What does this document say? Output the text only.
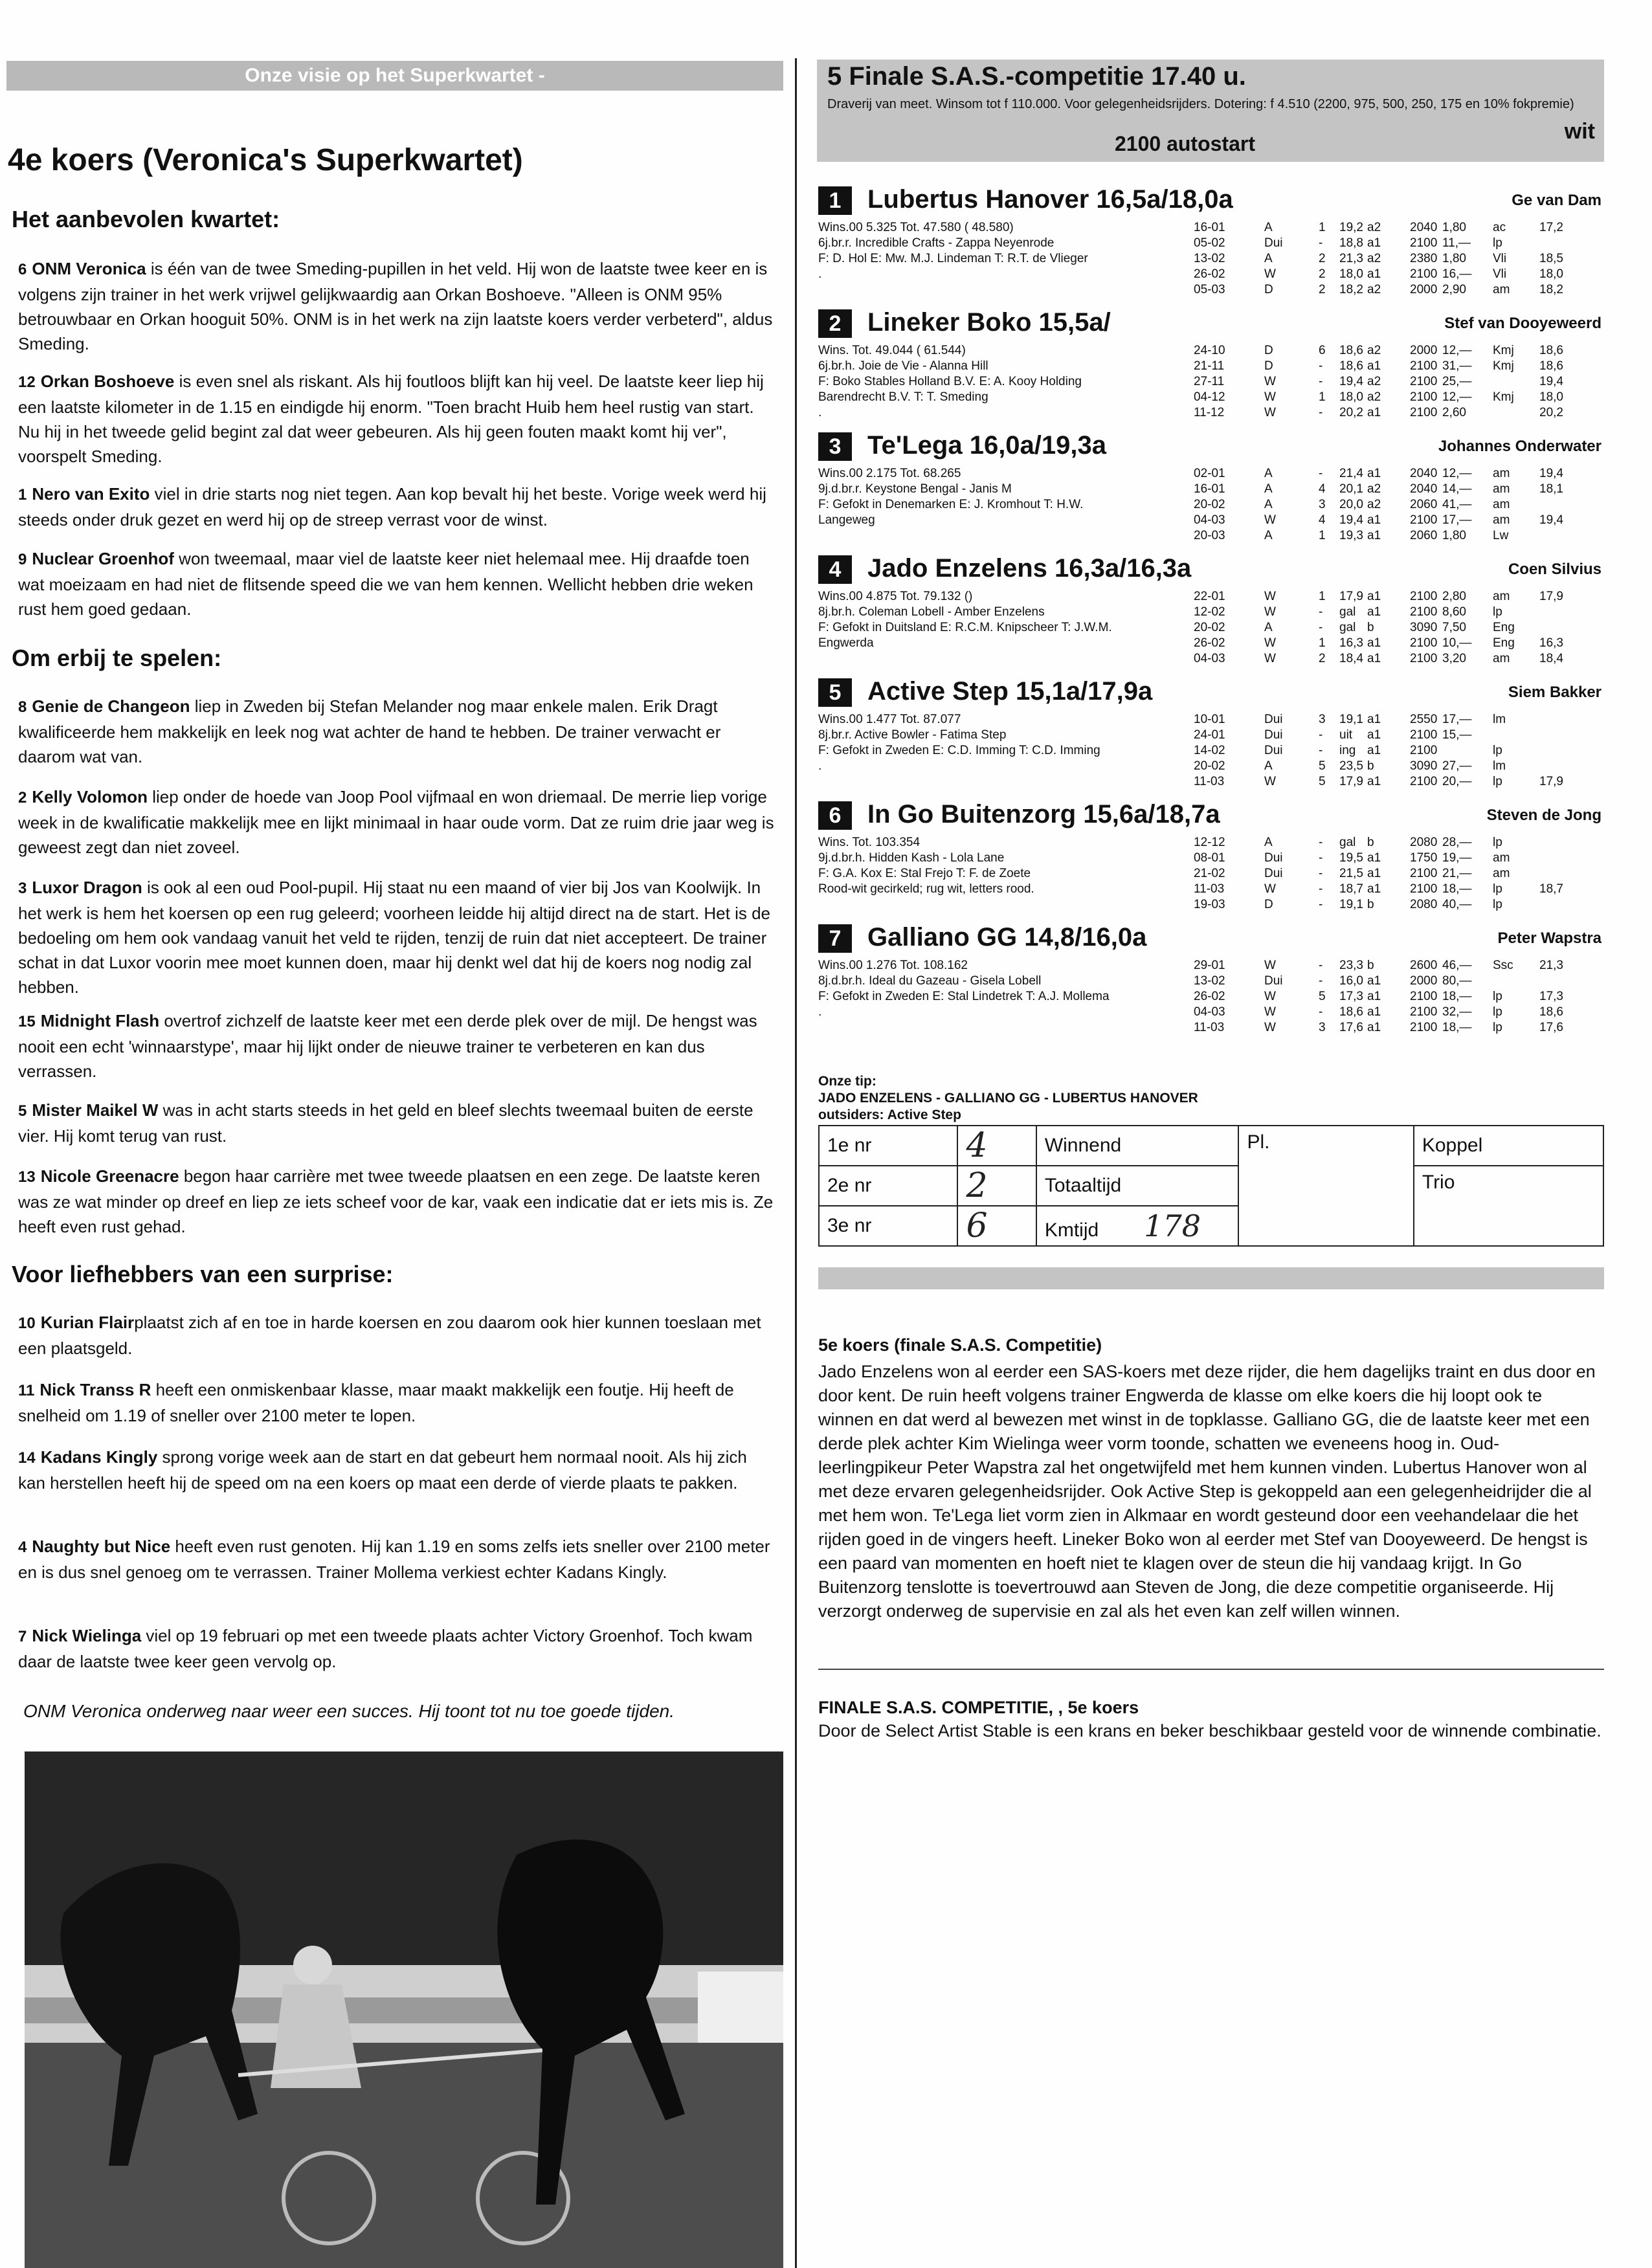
Onze visie op het Superkwartet -
4e koers (Veronica's Superkwartet)
Het aanbevolen kwartet:
6 ONM Veronica is één van de twee Smeding-pupillen in het veld. Hij won de laatste twee keer en is volgens zijn trainer in het werk vrijwel gelijkwaardig aan Orkan Boshoeve. "Alleen is ONM 95% betrouwbaar en Orkan hooguit 50%. ONM is in het werk na zijn laatste koers verder verbeterd", aldus Smeding.
12 Orkan Boshoeve is even snel als riskant. Als hij foutloos blijft kan hij veel. De laatste keer liep hij een laatste kilometer in de 1.15 en eindigde hij enorm. "Toen bracht Huib hem heel rustig van start. Nu hij in het tweede gelid begint zal dat weer gebeuren. Als hij geen fouten maakt komt hij ver", voorspelt Smeding.
1 Nero van Exito viel in drie starts nog niet tegen. Aan kop bevalt hij het beste. Vorige week werd hij steeds onder druk gezet en werd hij op de streep verrast voor de winst.
9 Nuclear Groenhof won tweemaal, maar viel de laatste keer niet helemaal mee. Hij draafde toen wat moeizaam en had niet de flitsende speed die we van hem kennen. Wellicht hebben drie weken rust hem goed gedaan.
Om erbij te spelen:
8 Genie de Changeon liep in Zweden bij Stefan Melander nog maar enkele malen. Erik Dragt kwalificeerde hem makkelijk en leek nog wat achter de hand te hebben. De trainer verwacht er daarom wat van.
2 Kelly Volomon liep onder de hoede van Joop Pool vijfmaal en won driemaal. De merrie liep vorige week in de kwalificatie makkelijk mee en lijkt minimaal in haar oude vorm. Dat ze ruim drie jaar weg is geweest zegt dan niet zoveel.
3 Luxor Dragon is ook al een oud Pool-pupil. Hij staat nu een maand of vier bij Jos van Koolwijk. In het werk is hem het koersen op een rug geleerd; voorheen leidde hij altijd direct na de start. Het is de bedoeling om hem ook vandaag vanuit het veld te rijden, tenzij de ruin dat niet accepteert. De trainer schat in dat Luxor voorin mee moet kunnen doen, maar hij denkt wel dat hij de koers nog nodig zal hebben.
15 Midnight Flash overtrof zichzelf de laatste keer met een derde plek over de mijl. De hengst was nooit een echt 'winnaarstype', maar hij lijkt onder de nieuwe trainer te verbeteren en kan dus verrassen.
5 Mister Maikel W was in acht starts steeds in het geld en bleef slechts tweemaal buiten de eerste vier. Hij komt terug van rust.
13 Nicole Greenacre begon haar carrière met twee tweede plaatsen en een zege. De laatste keren was ze wat minder op dreef en liep ze iets scheef voor de kar, vaak een indicatie dat er iets mis is. Ze heeft even rust gehad.
Voor liefhebbers van een surprise:
10 Kurian Flairplaatst zich af en toe in harde koersen en zou daarom ook hier kunnen toeslaan met een plaatsgeld.
11 Nick Transs R heeft een onmiskenbaar klasse, maar maakt makkelijk een foutje. Hij heeft de snelheid om 1.19 of sneller over 2100 meter te lopen.
14 Kadans Kingly sprong vorige week aan de start en dat gebeurt hem normaal nooit. Als hij zich kan herstellen heeft hij de speed om na een koers op maat een derde of vierde plaats te pakken.
4 Naughty but Nice heeft even rust genoten. Hij kan 1.19 en soms zelfs iets sneller over 2100 meter en is dus snel genoeg om te verrassen. Trainer Mollema verkiest echter Kadans Kingly.
7 Nick Wielinga viel op 19 februari op met een tweede plaats achter Victory Groenhof. Toch kwam daar de laatste twee keer geen vervolg op.
ONM Veronica onderweg naar weer een succes. Hij toont tot nu toe goede tijden.
5 Finale S.A.S.-competitie 17.40 u.
Draverij van meet. Winsom tot f 110.000. Voor gelegenheidsrijders. Dotering: f 4.510 (2200, 975, 500, 250, 175 en 10% fokpremie)
2100 autostart	wit
1	Lubertus Hanover 16,5a/18,0a	Ge van Dam
Wins.00 5.325 Tot. 47.580 ( 48.580)
6j.br.r. Incredible Crafts - Zappa Neyenrode
F: D. Hol E: Mw. M.J. Lindeman T: R.T. de Vlieger
.
16-01	A	1	19,2	a2	2040	1,80	ac	17,2
05-02	Dui	-	18,8	a1	2100	11,—	lp	
13-02	A	2	21,3	a2	2380	1,80	Vli	18,5
26-02	W	2	18,0	a1	2100	16,—	Vli	18,0
05-03	D	2	18,2	a2	2000	2,90	am	18,2
2	Lineker Boko 15,5a/	Stef van Dooyeweerd
Wins. Tot. 49.044 ( 61.544)
6j.br.h. Joie de Vie - Alanna Hill
F: Boko Stables Holland B.V. E: A. Kooy Holding
Barendrecht B.V. T: T. Smeding
.
24-10	D	6	18,6	a2	2000	12,—	Kmj	18,6
21-11	D	-	18,6	a1	2100	31,—	Kmj	18,6
27-11	W	-	19,4	a2	2100	25,—		19,4
04-12	W	1	18,0	a2	2100	12,—	Kmj	18,0
11-12	W	-	20,2	a1	2100	2,60		20,2
3	Te'Lega 16,0a/19,3a	Johannes Onderwater
Wins.00 2.175 Tot. 68.265
9j.d.br.r. Keystone Bengal - Janis M
F: Gefokt in Denemarken E: J. Kromhout T: H.W.
Langeweg
02-01	A	-	21,4	a1	2040	12,—	am	19,4
16-01	A	4	20,1	a2	2040	14,—	am	18,1
20-02	A	3	20,0	a2	2060	41,—	am	
04-03	W	4	19,4	a1	2100	17,—	am	19,4
20-03	A	1	19,3	a1	2060	1,80	Lw	
4	Jado Enzelens 16,3a/16,3a	Coen Silvius
Wins.00 4.875 Tot. 79.132 ()
8j.br.h. Coleman Lobell - Amber Enzelens
F: Gefokt in Duitsland E: R.C.M. Knipscheer T: J.W.M.
Engwerda
22-01	W	1	17,9	a1	2100	2,80	am	17,9
12-02	W	-	gal	a1	2100	8,60	lp	
20-02	A	-	gal	b	3090	7,50	Eng	
26-02	W	1	16,3	a1	2100	10,—	Eng	16,3
04-03	W	2	18,4	a1	2100	3,20	am	18,4
5	Active Step 15,1a/17,9a	Siem Bakker
Wins.00 1.477 Tot. 87.077
8j.br.r. Active Bowler - Fatima Step
F: Gefokt in Zweden E: C.D. Imming T: C.D. Imming
.
10-01	Dui	3	19,1	a1	2550	17,—	lm	
24-01	Dui	-	uit	a1	2100	15,—		
14-02	Dui	-	ing	a1	2100		lp	
20-02	A	5	23,5	b	3090	27,—	lm	
11-03	W	5	17,9	a1	2100	20,—	lp	17,9
6	In Go Buitenzorg 15,6a/18,7a	Steven de Jong
Wins. Tot. 103.354
9j.d.br.h. Hidden Kash - Lola Lane
F: G.A. Kox E: Stal Frejo T: F. de Zoete
Rood-wit gecirkeld; rug wit, letters rood.
12-12	A	-	gal	b	2080	28,—	lp	
08-01	Dui	-	19,5	a1	1750	19,—	am	
21-02	Dui	-	21,5	a1	2100	21,—	am	
11-03	W	-	18,7	a1	2100	18,—	lp	18,7
19-03	D	-	19,1	b	2080	40,—	lp	
7	Galliano GG 14,8/16,0a	Peter Wapstra
Wins.00 1.276 Tot. 108.162
8j.d.br.h. Ideal du Gazeau - Gisela Lobell
F: Gefokt in Zweden E: Stal Lindetrek T: A.J. Mollema
.
29-01	W	-	23,3	b	2600	46,—	Ssc	21,3
13-02	Dui	-	16,0	a1	2000	80,—		
26-02	W	5	17,3	a1	2100	18,—	lp	17,3
04-03	W	-	18,6	a1	2100	32,—	lp	18,6
11-03	W	3	17,6	a1	2100	18,—	lp	17,6
Onze tip:
JADO ENZELENS - GALLIANO GG - LUBERTUS HANOVER
outsiders: Active Step
1e nr	4	Winnend	Pl.	Koppel
2e nr	2	Totaaltijd		Trio
3e nr	6	Kmtijd 178		
5e koers (finale S.A.S. Competitie)
Jado Enzelens won al eerder een SAS-koers met deze rijder, die hem dagelijks traint en dus door en door kent. De ruin heeft volgens trainer Engwerda de klasse om elke koers die hij loopt ook te winnen en dat werd al bewezen met winst in de topklasse. Galliano GG, die de laatste keer met een derde plek achter Kim Wielinga weer vorm toonde, schatten we eveneens hoog in. Oud-leerlingpikeur Peter Wapstra zal het ongetwijfeld met hem kunnen vinden. Lubertus Hanover won al met deze ervaren gelegenheidsrijder. Ook Active Step is gekoppeld aan een gelegenheidrijder die al met hem won. Te'Lega liet vorm zien in Alkmaar en wordt gesteund door een veehandelaar die het rijden goed in de vingers heeft. Lineker Boko won al eerder met Stef van Dooyeweerd. De hengst is een paard van momenten en hoeft niet te klagen over de steun die hij vandaag krijgt. In Go Buitenzorg tenslotte is toevertrouwd aan Steven de Jong, die deze competitie organiseerde. Hij verzorgt onderweg de supervisie en zal als het even kan zelf willen winnen.
FINALE S.A.S. COMPETITIE, , 5e koers
Door de Select Artist Stable is een krans en beker beschikbaar gesteld voor de winnende combinatie.
